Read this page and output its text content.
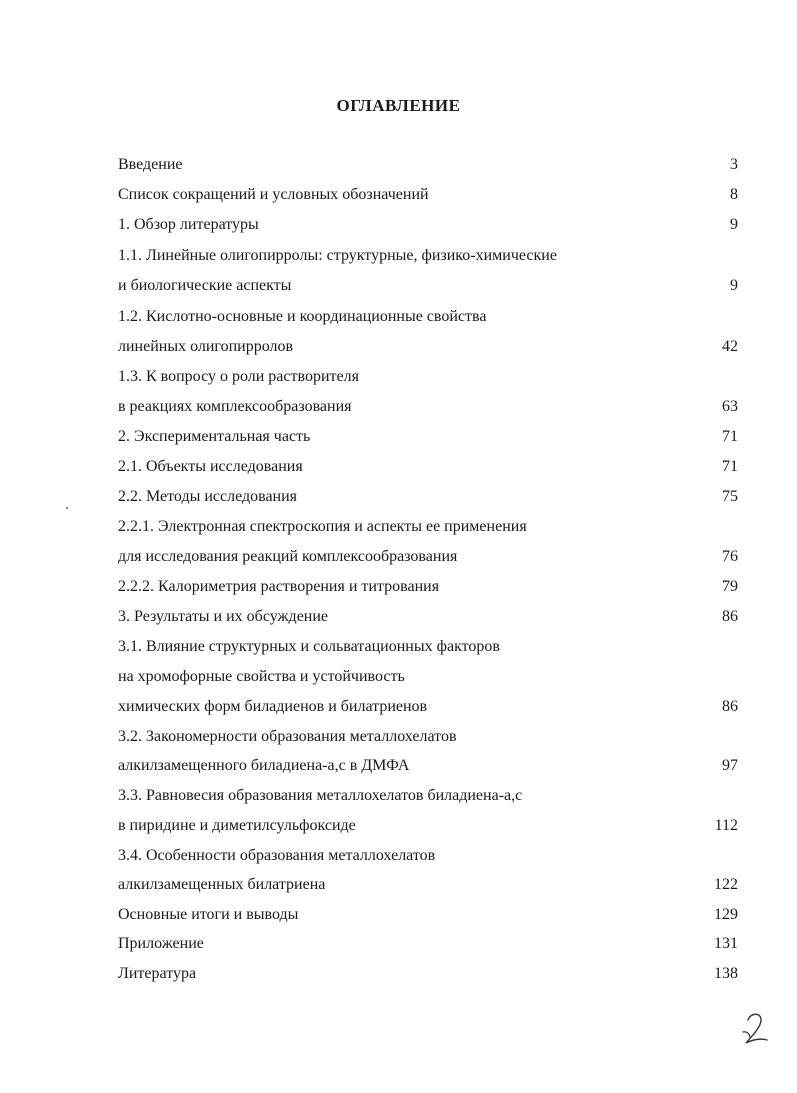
ОГЛАВЛЕНИЕ
Введение	3
Список сокращений и условных обозначений	8
1. Обзор литературы	9
1.1. Линейные олигопирролы: структурные, физико-химические
и биологические аспекты	9
1.2. Кислотно-основные и координационные свойства
линейных олигопирролов	42
1.3. К вопросу о роли растворителя
в реакциях комплексообразования	63
2. Экспериментальная часть	71
2.1. Объекты исследования	71
2.2. Методы исследования	75
2.2.1. Электронная спектроскопия и аспекты ее применения
для исследования реакций комплексообразования	76
2.2.2. Калориметрия растворения и титрования	79
3. Результаты и их обсуждение	86
3.1. Влияние структурных и сольватационных факторов
на хромофорные свойства и устойчивость
химических форм биладиенов и билатриенов	86
3.2. Закономерности образования металлохелатов
алкилзамещенного биладиена-а,с в ДМФА	97
3.3. Равновесия образования металлохелатов биладиена-а,с
в пиридине и диметилсульфоксиде	112
3.4. Особенности образования металлохелатов
алкилзамещенных билатриена	122
Основные итоги и выводы	129
Приложение	131
Литература	138
